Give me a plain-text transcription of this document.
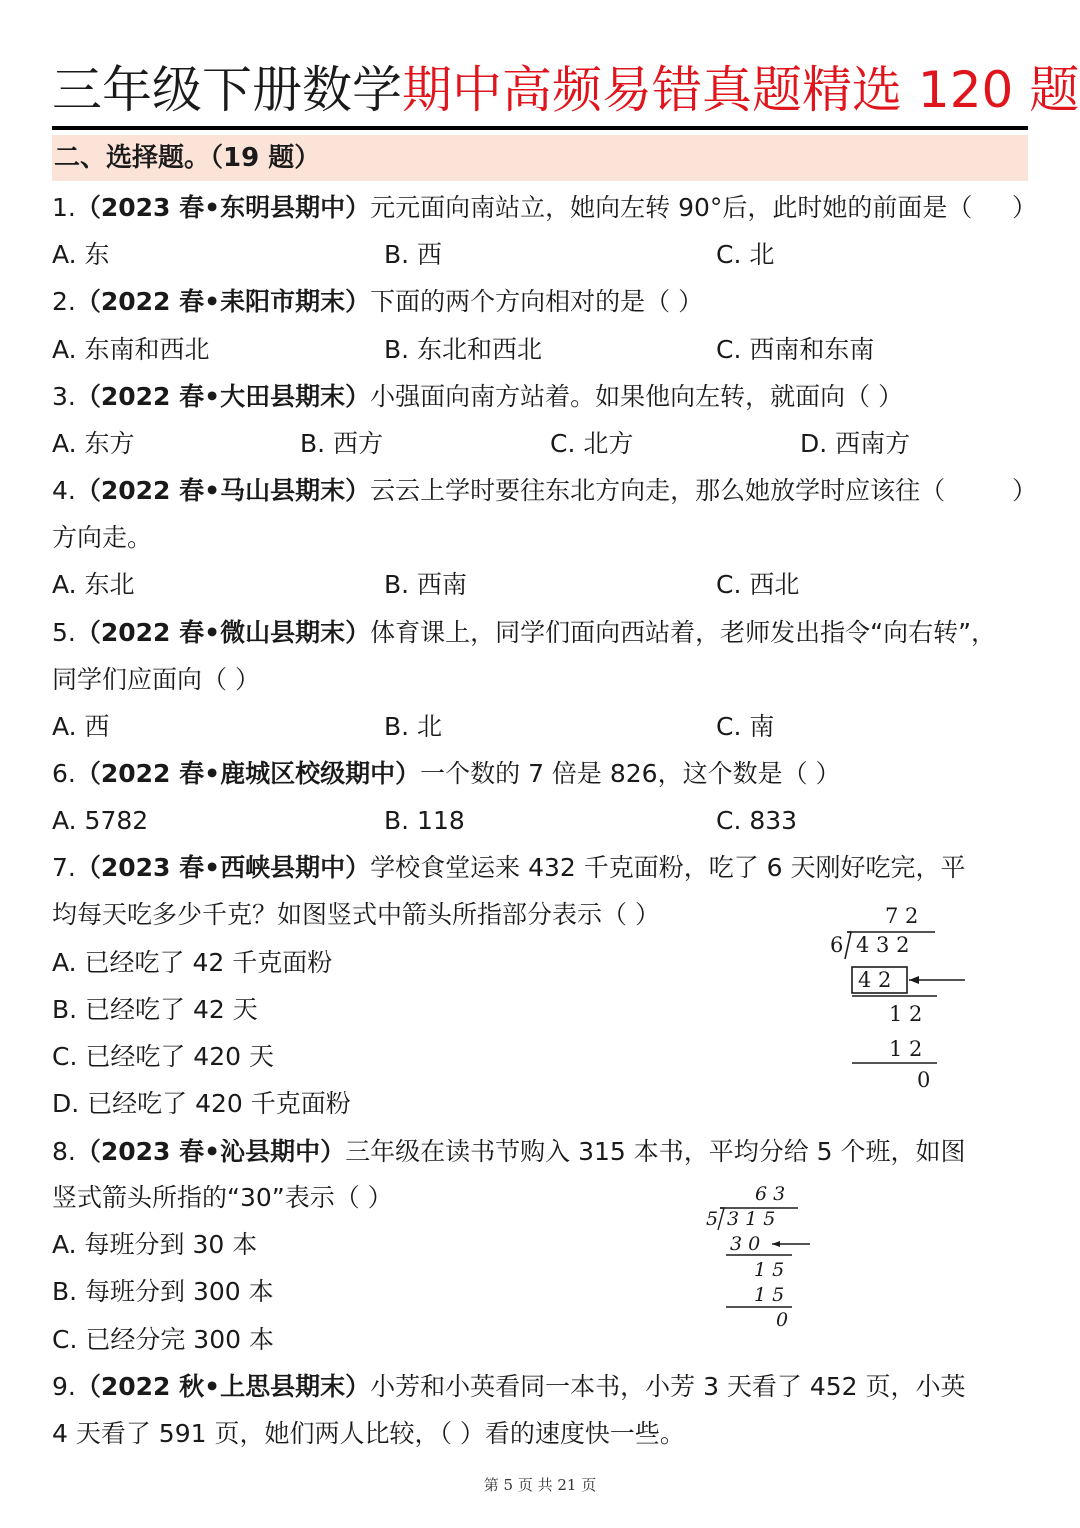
三年级下册数学期中高频易错真题精选 120 题
二、选择题。（19 题）
1.（2023 春•东明县期中）元元面向南站立，她向左转 90°后，此时她的前面是（ ）
A. 东	B. 西	C. 北
2.（2022 春•耒阳市期末）下面的两个方向相对的是（ ）
A. 东南和西北	B. 东北和西北	C. 西南和东南
3.（2022 春•大田县期末）小强面向南方站着。如果他向左转，就面向（ ）
A. 东方	B. 西方	C. 北方	D. 西南方
4.（2022 春•马山县期末）云云上学时要往东北方向走，那么她放学时应该往（	）
方向走。
A. 东北	B. 西南	C. 西北
5.（2022 春•微山县期末）体育课上，同学们面向西站着，老师发出指令“向右转”，
同学们应面向（ ）
A. 西	B. 北	C. 南
6.（2022 春•鹿城区校级期中）一个数的 7 倍是 826，这个数是（ ）
A. 5782	B. 118	C. 833
7.（2023 春•西峡县期中）学校食堂运来 432 千克面粉，吃了 6 天刚好吃完，平
均每天吃多少千克？如图竖式中箭头所指部分表示（ ）
A. 已经吃了 42 千克面粉
B. 已经吃了 42 天
C. 已经吃了 420 天
D. 已经吃了 420 千克面粉
7 2
6 4 3 2
4 2
1 2
1 2
0
8.（2023 春•沁县期中）三年级在读书节购入 315 本书，平均分给 5 个班，如图
竖式箭头所指的“30”表示（ ）
A. 每班分到 30 本
B. 每班分到 300 本
C. 已经分完 300 本
6 3
5 3 1 5
3 0
1 5
1 5
0
9.（2022 秋•上思县期末）小芳和小英看同一本书，小芳 3 天看了 452 页，小英
4 天看了 591 页，她们两人比较，（ ）看的速度快一些。
第 5 页 共 21 页
